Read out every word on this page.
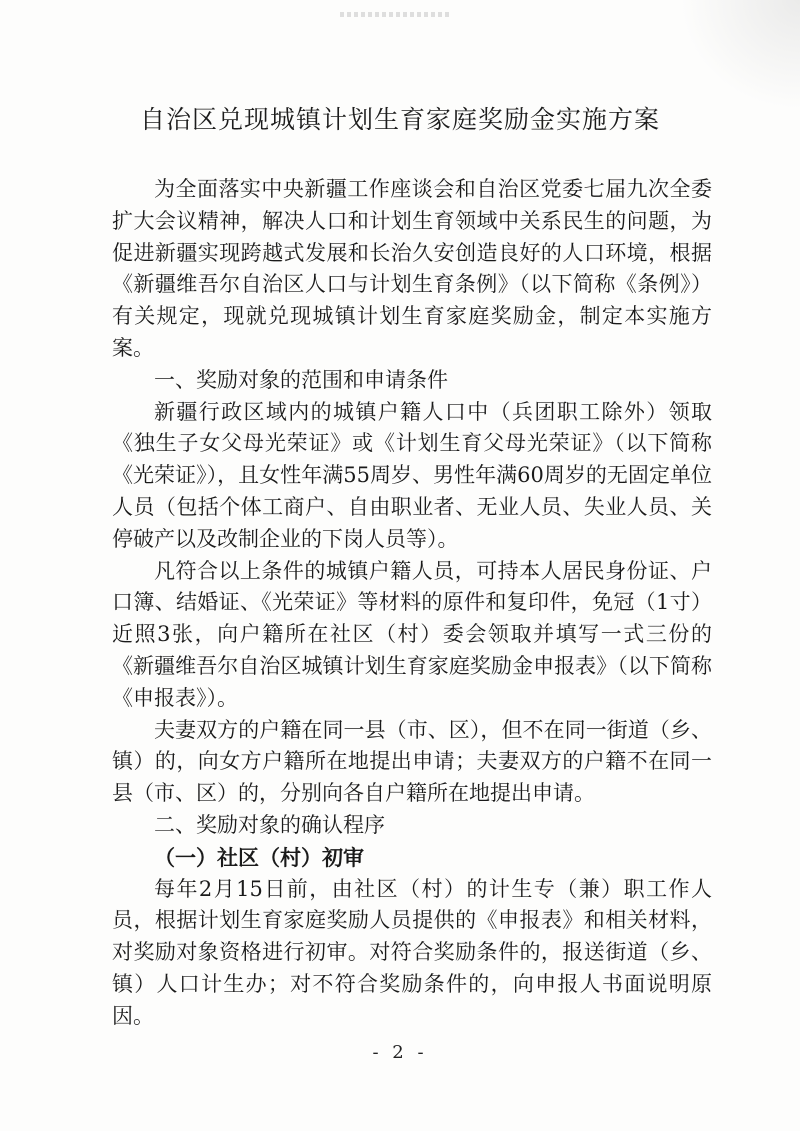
自治区兑现城镇计划生育家庭奖励金实施方案

为全面落实中央新疆工作座谈会和自治区党委七届九次全委扩大会议精神，解决人口和计划生育领域中关系民生的问题，为促进新疆实现跨越式发展和长治久安创造良好的人口环境，根据《新疆维吾尔自治区人口与计划生育条例》（以下简称《条例》）有关规定，现就兑现城镇计划生育家庭奖励金，制定本实施方案。

一、奖励对象的范围和申请条件

新疆行政区域内的城镇户籍人口中（兵团职工除外）领取《独生子女父母光荣证》或《计划生育父母光荣证》（以下简称《光荣证》），且女性年满55周岁、男性年满60周岁的无固定单位人员（包括个体工商户、自由职业者、无业人员、失业人员、关停破产以及改制企业的下岗人员等）。

凡符合以上条件的城镇户籍人员，可持本人居民身份证、户口簿、结婚证、《光荣证》等材料的原件和复印件，免冠（1寸）近照3张，向户籍所在社区（村）委会领取并填写一式三份的《新疆维吾尔自治区城镇计划生育家庭奖励金申报表》（以下简称《申报表》）。

夫妻双方的户籍在同一县（市、区），但不在同一街道（乡、镇）的，向女方户籍所在地提出申请；夫妻双方的户籍不在同一县（市、区）的，分别向各自户籍所在地提出申请。

二、奖励对象的确认程序

（一）社区（村）初审

每年2月15日前，由社区（村）的计生专（兼）职工作人员，根据计划生育家庭奖励人员提供的《申报表》和相关材料，对奖励对象资格进行初审。对符合奖励条件的，报送街道（乡、镇）人口计生办；对不符合奖励条件的，向申报人书面说明原因。

- 2 -
